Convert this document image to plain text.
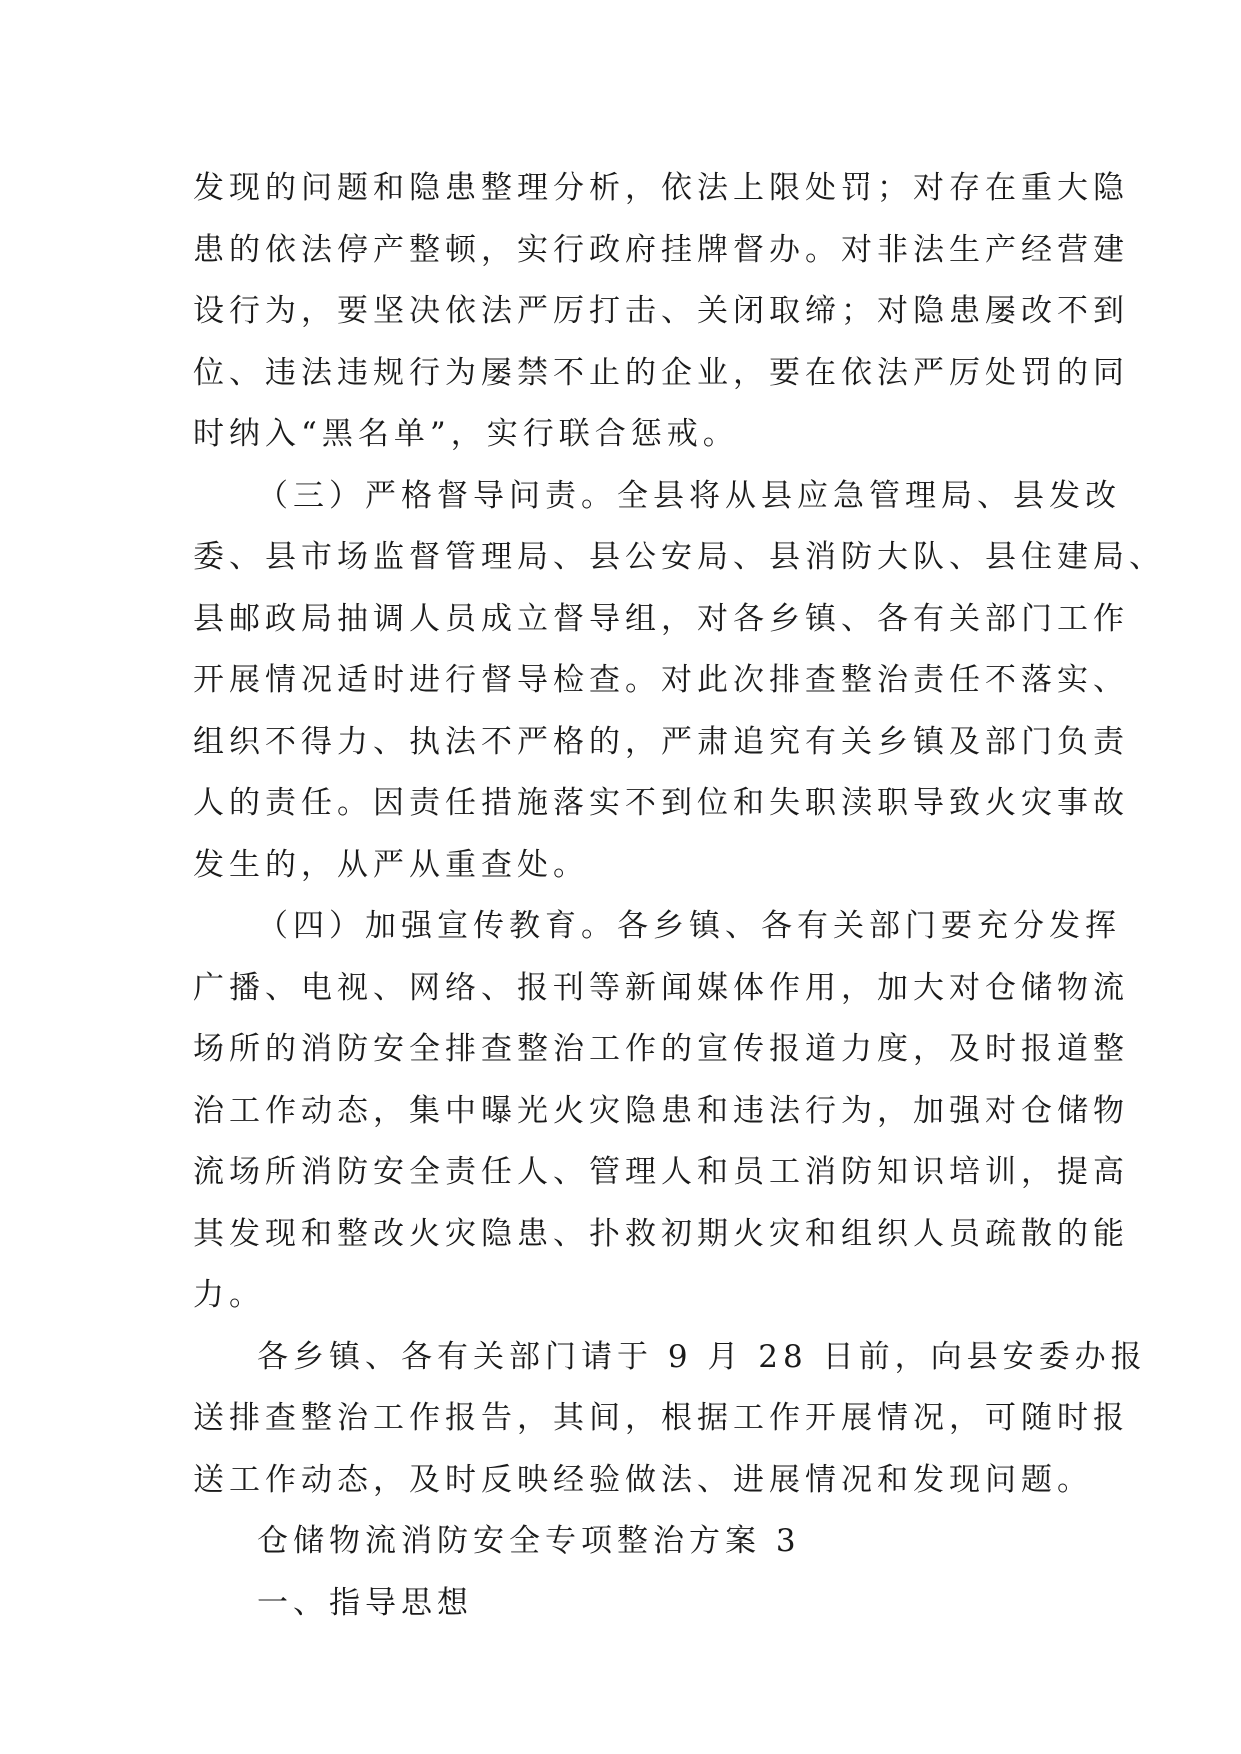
发现的问题和隐患整理分析，依法上限处罚；对存在重大隐
患的依法停产整顿，实行政府挂牌督办。对非法生产经营建
设行为，要坚决依法严厉打击、关闭取缔；对隐患屡改不到
位、违法违规行为屡禁不止的企业，要在依法严厉处罚的同
时纳入“黑名单”，实行联合惩戒。
（三）严格督导问责。全县将从县应急管理局、县发改
委、县市场监督管理局、县公安局、县消防大队、县住建局、
县邮政局抽调人员成立督导组，对各乡镇、各有关部门工作
开展情况适时进行督导检查。对此次排查整治责任不落实、
组织不得力、执法不严格的，严肃追究有关乡镇及部门负责
人的责任。因责任措施落实不到位和失职渎职导致火灾事故
发生的，从严从重查处。
（四）加强宣传教育。各乡镇、各有关部门要充分发挥
广播、电视、网络、报刊等新闻媒体作用，加大对仓储物流
场所的消防安全排查整治工作的宣传报道力度，及时报道整
治工作动态，集中曝光火灾隐患和违法行为，加强对仓储物
流场所消防安全责任人、管理人和员工消防知识培训，提高
其发现和整改火灾隐患、扑救初期火灾和组织人员疏散的能
力。
各乡镇、各有关部门请于 9 月 28 日前，向县安委办报
送排查整治工作报告，其间，根据工作开展情况，可随时报
送工作动态，及时反映经验做法、进展情况和发现问题。
仓储物流消防安全专项整治方案 3
一、指导思想
